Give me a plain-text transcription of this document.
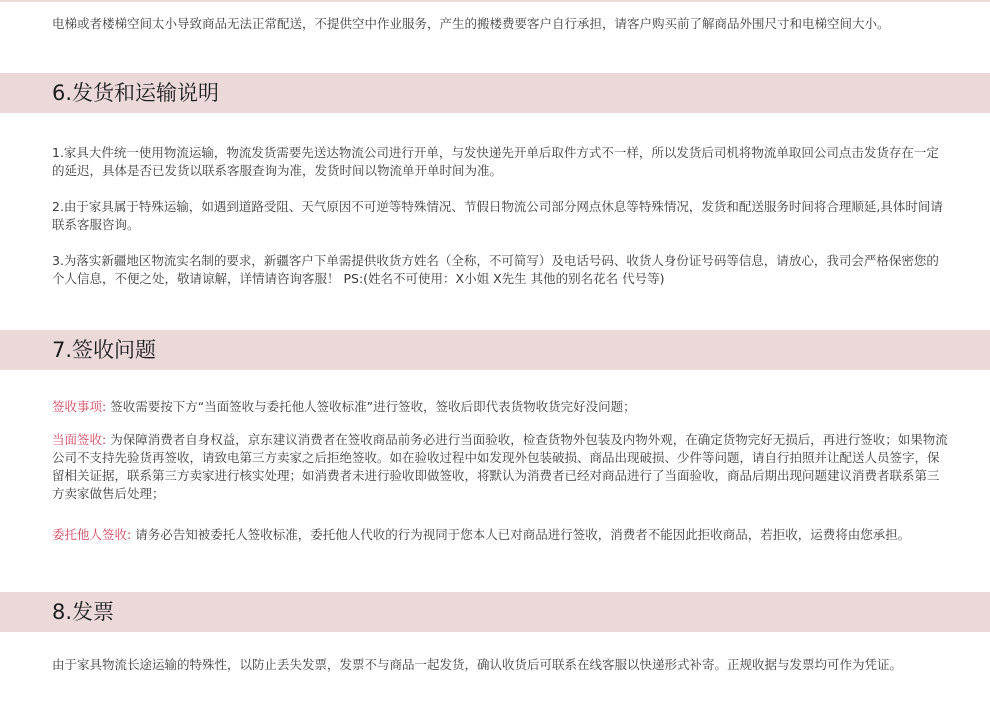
电梯或者楼梯空间太小导致商品无法正常配送，不提供空中作业服务，产生的搬楼费要客户自行承担，请客户购买前了解商品外围尺寸和电梯空间大小。

6.发货和运输说明

1.家具大件统一使用物流运输，物流发货需要先送达物流公司进行开单，与发快递先开单后取件方式不一样，所以发货后司机将物流单取回公司点击发货存在一定的延迟，具体是否已发货以联系客服查询为准，发货时间以物流单开单时间为准。

2.由于家具属于特殊运输，如遇到道路受阻、天气原因不可逆等特殊情况、节假日物流公司部分网点休息等特殊情况，发货和配送服务时间将合理顺延,具体时间请联系客服咨询。

3.为落实新疆地区物流实名制的要求，新疆客户下单需提供收货方姓名（全称，不可简写）及电话号码、收货人身份证号码等信息，请放心，我司会严格保密您的个人信息，不便之处，敬请谅解，详情请咨询客服！ PS:(姓名不可使用：X小姐 X先生 其他的别名花名 代号等)

7.签收问题

签收事项: 签收需要按下方“当面签收与委托他人签收标准”进行签收，签收后即代表货物收货完好没问题；

当面签收: 为保障消费者自身权益，京东建议消费者在签收商品前务必进行当面验收，检查货物外包装及内物外观，在确定货物完好无损后，再进行签收；如果物流公司不支持先验货再签收，请致电第三方卖家之后拒绝签收。如在验收过程中如发现外包装破损、商品出现破损、少件等问题，请自行拍照并让配送人员签字，保留相关证据，联系第三方卖家进行核实处理；如消费者未进行验收即做签收，将默认为消费者已经对商品进行了当面验收，商品后期出现问题建议消费者联系第三方卖家做售后处理；

委托他人签收: 请务必告知被委托人签收标准，委托他人代收的行为视同于您本人已对商品进行签收，消费者不能因此拒收商品，若拒收，运费将由您承担。

8.发票

由于家具物流长途运输的特殊性，以防止丢失发票，发票不与商品一起发货，确认收货后可联系在线客服以快递形式补寄。正规收据与发票均可作为凭证。
